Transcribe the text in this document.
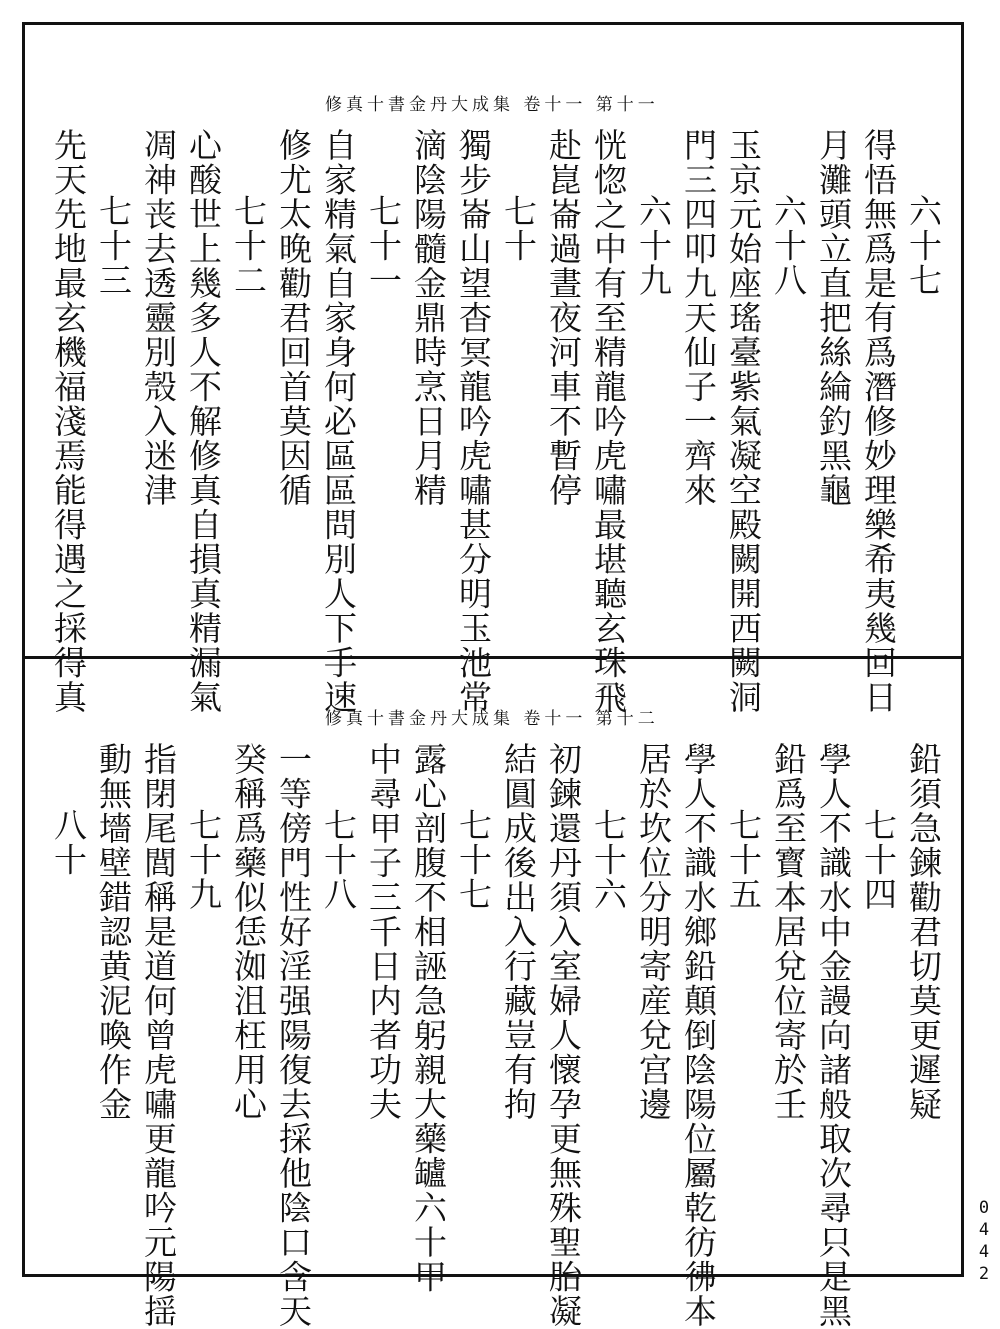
修真十書金丹大成集 卷十一 第十一
六十七
得悟無爲是有爲潛修妙理樂希夷幾回日
月灘頭立直把絲綸釣黑龜
六十八
玉京元始座瑤臺紫氣凝空殿闕開西闕洞
門三四叩九天仙子一齊來
六十九
恍惚之中有至精龍吟虎嘯最堪聽玄珠飛
赴崑崙過晝夜河車不暫停
七十
獨步崙山望杳冥龍吟虎嘯甚分明玉池常
滴陰陽髓金鼎時烹日月精
七十一
自家精氣自家身何必區區問別人下手速
修尤太晚勸君回首莫因循
七十二
心酸世上幾多人不解修真自損真精漏氣
凋神丧去透靈別殼入迷津
七十三
先天先地最玄機福淺焉能得遇之採得真
修真十書金丹大成集 卷十一 第十二
鉛須急鍊勸君切莫更遲疑
七十四
學人不識水中金謾向諸般取次尋只是黑
鉛爲至寳本居兌位寄於壬
七十五
學人不識水鄉鉛顛倒陰陽位屬乾彷彿本
居於坎位分明寄産兌宫邊
七十六
初鍊還丹須入室婦人懷孕更無殊聖胎凝
結圓成後出入行藏豈有拘
七十七
露心剖腹不相誣急躬親大藥罏六十甲
中尋甲子三千日内者功夫
七十八
一等傍門性好淫强陽復去採他陰口含天
癸稱爲藥似恁洳沮枉用心
七十九
指閉尾閭稱是道何曾虎嘯更龍吟元陽揺
動無墻壁錯認黄泥喚作金
八十
0442
